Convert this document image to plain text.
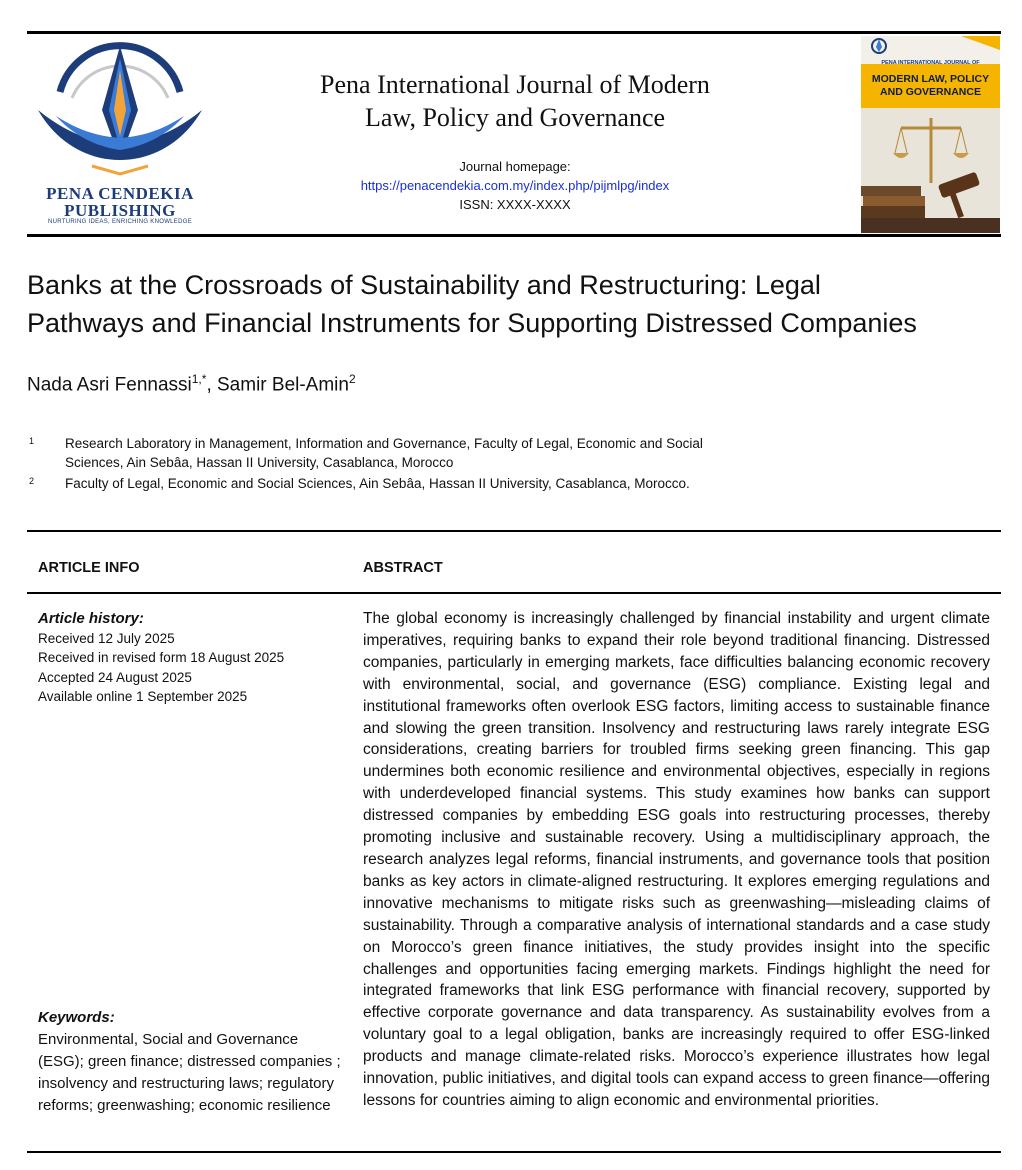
PENA CENDEKIA
PUBLISHING
NURTURING IDEAS, ENRICHING KNOWLEDGE
Pena International Journal of Modern
Law, Policy and Governance
Journal homepage:
https://penacendekia.com.my/index.php/pijmlpg/index
ISSN: XXXX-XXXX
PENA INTERNATIONAL JOURNAL OF
MODERN LAW, POLICY
AND GOVERNANCE
Banks at the Crossroads of Sustainability and Restructuring: Legal
Pathways and Financial Instruments for Supporting Distressed Companies
Nada Asri Fennassi$^{1,*}$, Samir Bel-Amin$^2$
1 Research Laboratory in Management, Information and Governance, Faculty of Legal, Economic and Social
Sciences, Ain Sebâa, Hassan II University, Casablanca, Morocco
2 Faculty of Legal, Economic and Social Sciences, Ain Sebâa, Hassan II University, Casablanca, Morocco.
ARTICLE INFO	ABSTRACT
Article history:
Received 12 July 2025
Received in revised form 18 August 2025
Accepted 24 August 2025
Available online 1 September 2025
Keywords:
Environmental, Social and Governance (ESG); green finance; distressed companies ; insolvency and restructuring laws; regulatory reforms; greenwashing; economic resilience
The global economy is increasingly challenged by financial instability and urgent climate imperatives, requiring banks to expand their role beyond traditional financing. Distressed companies, particularly in emerging markets, face difficulties balancing economic recovery with environmental, social, and governance (ESG) compliance. Existing legal and institutional frameworks often overlook ESG factors, limiting access to sustainable finance and slowing the green transition. Insolvency and restructuring laws rarely integrate ESG considerations, creating barriers for troubled firms seeking green financing. This gap undermines both economic resilience and environmental objectives, especially in regions with underdeveloped financial systems. This study examines how banks can support distressed companies by embedding ESG goals into restructuring processes, thereby promoting inclusive and sustainable recovery. Using a multidisciplinary approach, the research analyzes legal reforms, financial instruments, and governance tools that position banks as key actors in climate-aligned restructuring. It explores emerging regulations and innovative mechanisms to mitigate risks such as greenwashing—misleading claims of sustainability. Through a comparative analysis of international standards and a case study on Morocco’s green finance initiatives, the study provides insight into the specific challenges and opportunities facing emerging markets. Findings highlight the need for integrated frameworks that link ESG performance with financial recovery, supported by effective corporate governance and data transparency. As sustainability evolves from a voluntary goal to a legal obligation, banks are increasingly required to offer ESG-linked products and manage climate-related risks. Morocco’s experience illustrates how legal innovation, public initiatives, and digital tools can expand access to green finance—offering lessons for countries aiming to align economic and environmental priorities.
